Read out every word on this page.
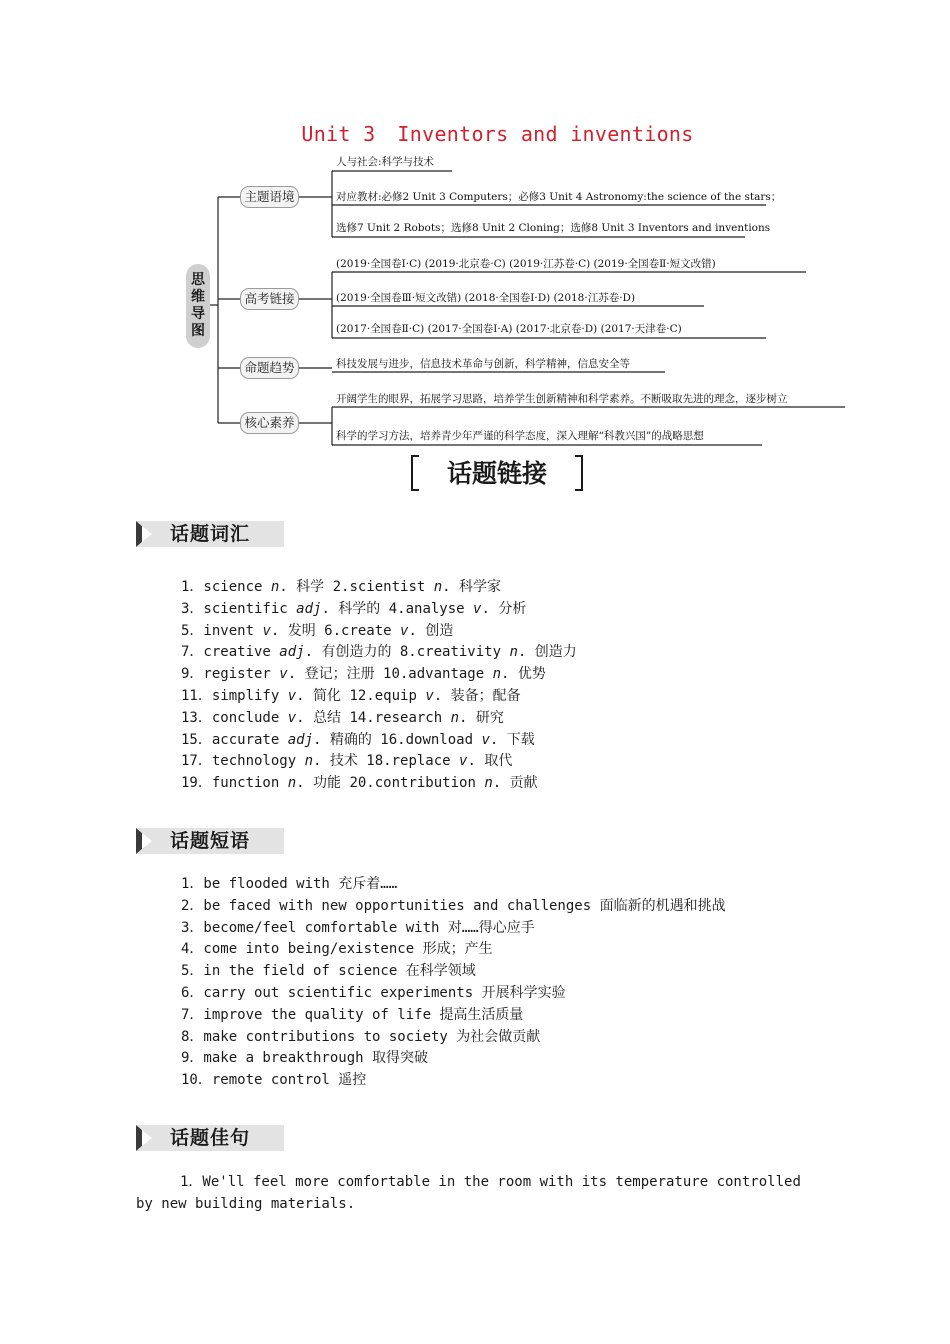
Unit 3 Inventors and inventions
思
维
导
图
主题语境
高考链接
命题趋势
核心素养
人与社会:科学与技术
对应教材:必修2 Unit 3 Computers；必修3 Unit 4 Astronomy:the science of the stars；
选修7 Unit 2 Robots；选修8 Unit 2 Cloning；选修8 Unit 3 Inventors and inventions
(2019·全国卷Ⅰ·C) (2019·北京卷·C) (2019·江苏卷·C) (2019·全国卷Ⅱ·短文改错)
(2019·全国卷Ⅲ·短文改错) (2018·全国卷Ⅰ·D) (2018·江苏卷·D)
(2017·全国卷Ⅱ·C) (2017·全国卷Ⅰ·A) (2017·北京卷·D) (2017·天津卷·C)
科技发展与进步，信息技术革命与创新，科学精神，信息安全等
开阔学生的眼界，拓展学习思路，培养学生创新精神和科学素养。不断吸取先进的理念，逐步树立
科学的学习方法，培养青少年严谨的科学态度，深入理解“科教兴国”的战略思想
话题链接
话题词汇
1．science n. 科学 2.scientist n. 科学家
3．scientific adj. 科学的 4.analyse v. 分析
5．invent v. 发明 6.create v. 创造
7．creative adj. 有创造力的 8.creativity n. 创造力
9．register v. 登记；注册 10.advantage n. 优势
11．simplify v. 简化 12.equip v. 装备；配备
13．conclude v. 总结 14.research n. 研究
15．accurate adj. 精确的 16.download v. 下载
17．technology n. 技术 18.replace v. 取代
19．function n. 功能 20.contribution n. 贡献
话题短语
1．be flooded with 充斥着……
2．be faced with new opportunities and challenges 面临新的机遇和挑战
3．become/feel comfortable with 对……得心应手
4．come into being/existence 形成；产生
5．in the field of science 在科学领域
6．carry out scientific experiments 开展科学实验
7．improve the quality of life 提高生活质量
8．make contributions to society 为社会做贡献
9．make a breakthrough 取得突破
10．remote control 遥控
话题佳句
1．We'll feel more comfortable in the room with its temperature controlled by new building materials.
